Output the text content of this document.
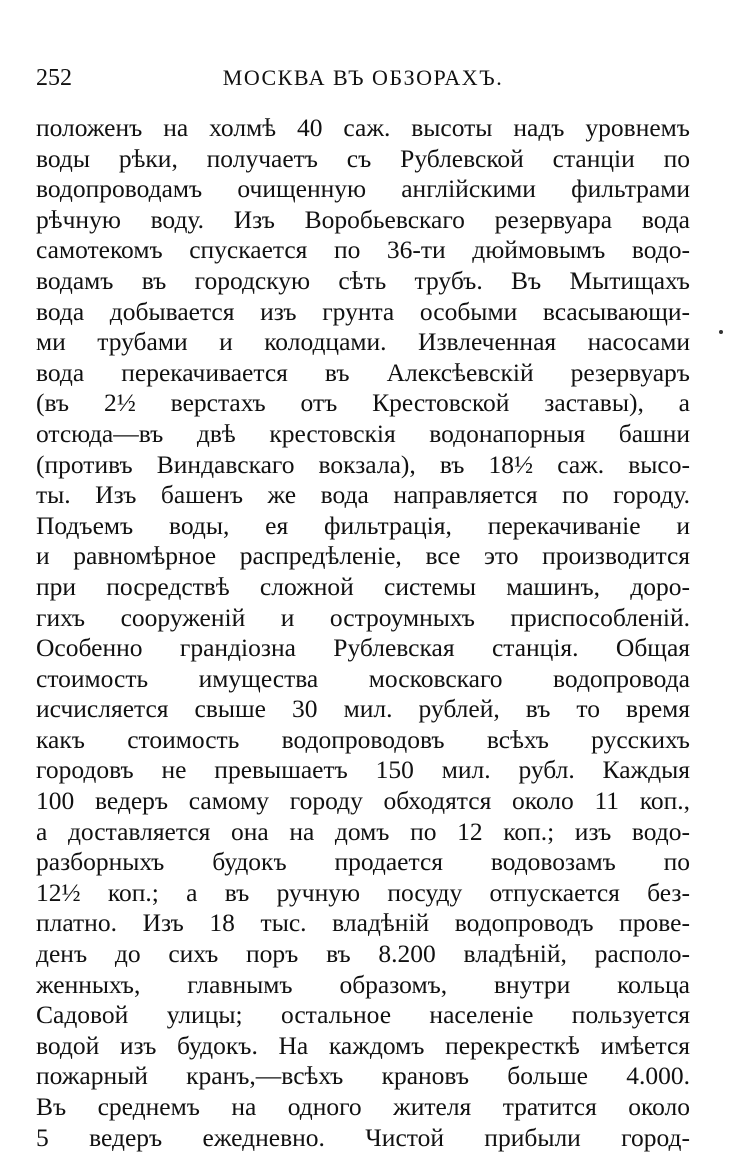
252	МОСКВА ВЪ ОБЗОРАХЪ.
положенъ на холмѣ 40 саж. высоты надъ уровнемъ
воды рѣки, получаетъ съ Рублевской станціи по
водопроводамъ очищенную англійскими фильтрами
рѣчную воду. Изъ Воробьевскаго резервуара вода
самотекомъ спускается по 36-ти дюймовымъ водо-
водамъ въ городскую сѣть трубъ. Въ Мытищахъ
вода добывается изъ грунта особыми всасывающи-
ми трубами и колодцами. Извлеченная насосами
вода перекачивается въ Алексѣевскій резервуаръ
(въ 2½ верстахъ отъ Крестовской заставы), а
отсюда—въ двѣ крестовскія водонапорныя башни
(противъ Виндавскаго вокзала), въ 18½ саж. высо-
ты. Изъ башенъ же вода направляется по городу.
Подъемъ воды, ея фильтрація, перекачиваніе и
и равномѣрное распредѣленіе, все это производится
при посредствѣ сложной системы машинъ, доро-
гихъ сооруженій и остроумныхъ приспособленій.
Особенно грандіозна Рублевская станція. Общая
стоимость имущества московскаго водопровода
исчисляется свыше 30 мил. рублей, въ то время
какъ стоимость водопроводовъ всѣхъ русскихъ
городовъ не превышаетъ 150 мил. рубл. Каждыя
100 ведеръ самому городу обходятся около 11 коп.,
а доставляется она на домъ по 12 коп.; изъ водо-
разборныхъ будокъ продается водовозамъ по
12½ коп.; а въ ручную посуду отпускается без-
платно. Изъ 18 тыс. владѣній водопроводъ прове-
денъ до сихъ поръ въ 8.200 владѣній, располо-
женныхъ, главнымъ образомъ, внутри кольца
Садовой улицы; остальное населеніе пользуется
водой изъ будокъ. На каждомъ перекресткѣ имѣется
пожарный кранъ,—всѣхъ крановъ больше 4.000.
Въ среднемъ на одного жителя тратится около
5 ведеръ ежедневно. Чистой прибыли город-
